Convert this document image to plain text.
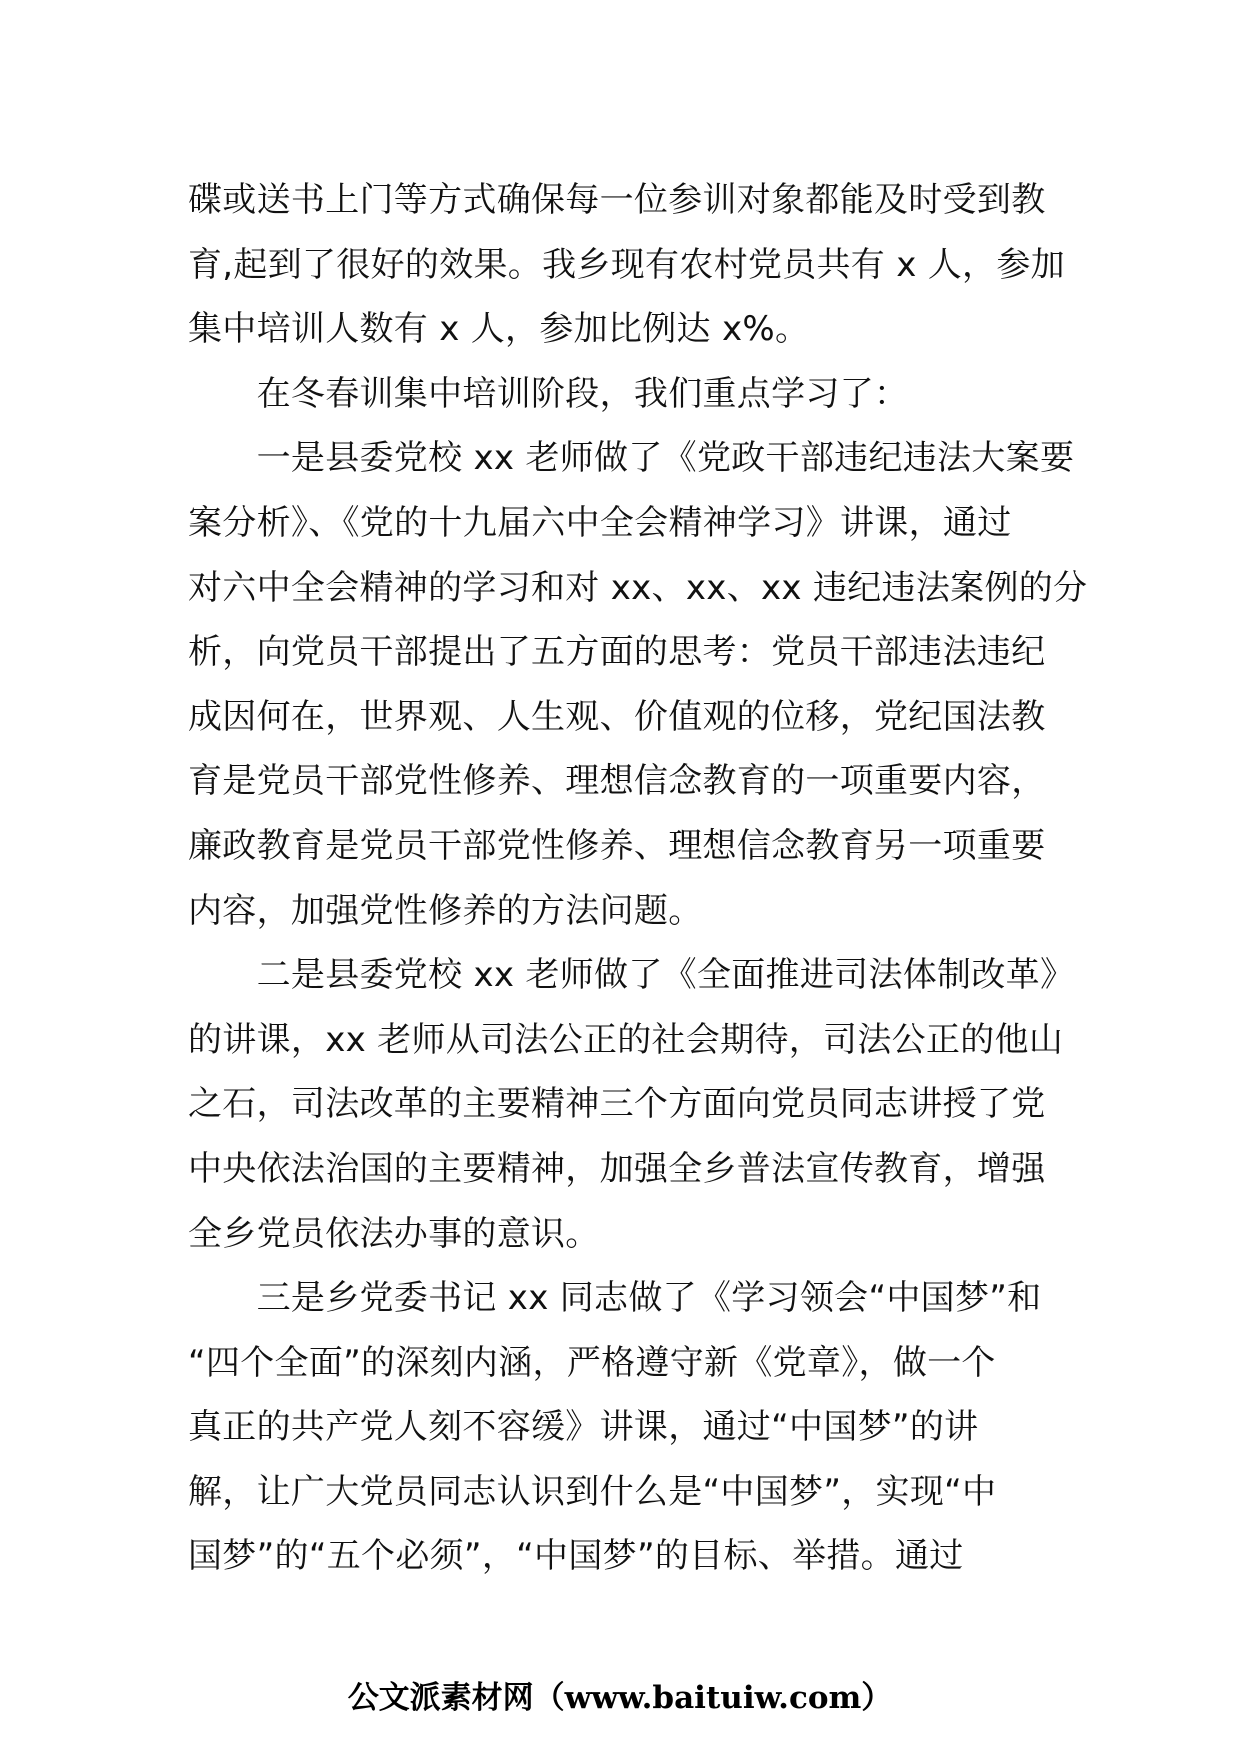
碟或送书上门等方式确保每一位参训对象都能及时受到教
育,起到了很好的效果。我乡现有农村党员共有 x 人，参加
集中培训人数有 x 人，参加比例达 x%。
　　在冬春训集中培训阶段，我们重点学习了：
　　一是县委党校 xx 老师做了《党政干部违纪违法大案要
案分析》、《党的十九届六中全会精神学习》讲课，通过
对六中全会精神的学习和对 xx、xx、xx 违纪违法案例的分
析，向党员干部提出了五方面的思考：党员干部违法违纪
成因何在，世界观、人生观、价值观的位移，党纪国法教
育是党员干部党性修养、理想信念教育的一项重要内容，
廉政教育是党员干部党性修养、理想信念教育另一项重要
内容，加强党性修养的方法问题。
　　二是县委党校 xx 老师做了《全面推进司法体制改革》
的讲课，xx 老师从司法公正的社会期待，司法公正的他山
之石，司法改革的主要精神三个方面向党员同志讲授了党
中央依法治国的主要精神，加强全乡普法宣传教育，增强
全乡党员依法办事的意识。
　　三是乡党委书记 xx 同志做了《学习领会“中国梦”和
“四个全面”的深刻内涵，严格遵守新《党章》，做一个
真正的共产党人刻不容缓》讲课，通过“中国梦”的讲
解，让广大党员同志认识到什么是“中国梦”，实现“中
国梦”的“五个必须”，“中国梦”的目标、举措。通过
公文派素材网（www.baituiw.com）
